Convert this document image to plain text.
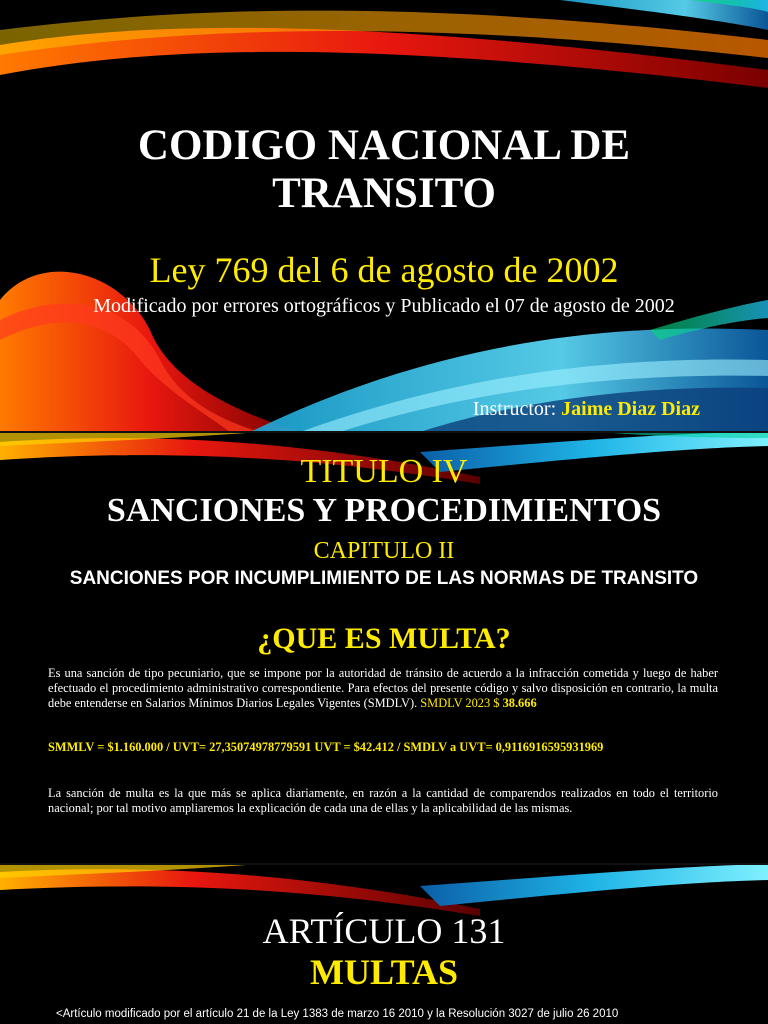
CODIGO NACIONAL DE
TRANSITO

Ley 769 del 6 de agosto de 2002

Modificado por errores ortográficos y Publicado el 07 de agosto de 2002

Instructor: Jaime Diaz Diaz

TITULO IV

SANCIONES Y PROCEDIMIENTOS

CAPITULO II

SANCIONES POR INCUMPLIMIENTO DE LAS NORMAS DE TRANSITO

¿QUE ES MULTA?

Es una sanción de tipo pecuniario, que se impone por la autoridad de tránsito de acuerdo a la infracción cometida y luego de haber efectuado el procedimiento administrativo correspondiente. Para efectos del presente código y salvo disposición en contrario, la multa debe entenderse en Salarios Mínimos Diarios Legales Vigentes (SMDLV). SMDLV 2023 $ 38.666

SMMLV = $1.160.000 / UVT= 27,35074978779591 UVT = $42.412 / SMDLV a UVT= 0,9116916595931969

La sanción de multa es la que más se aplica diariamente, en razón a la cantidad de comparendos realizados en todo el territorio nacional; por tal motivo ampliaremos la explicación de cada una de ellas y la aplicabilidad de las mismas.

ARTÍCULO 131

MULTAS

<Artículo modificado por el artículo 21 de la Ley 1383 de marzo 16 2010 y la Resolución 3027 de julio 26 2010
